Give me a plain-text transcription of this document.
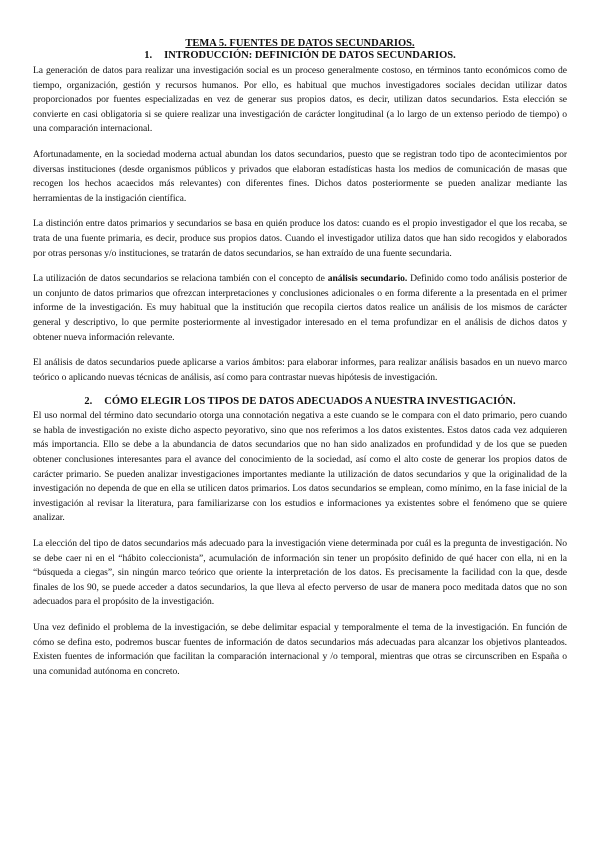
TEMA 5. FUENTES DE DATOS SECUNDARIOS.
1. INTRODUCCIÓN: DEFINICIÓN DE DATOS SECUNDARIOS.

La generación de datos para realizar una investigación social es un proceso generalmente costoso, en términos tanto económicos como de tiempo, organización, gestión y recursos humanos. Por ello, es habitual que muchos investigadores sociales decidan utilizar datos proporcionados por fuentes especializadas en vez de generar sus propios datos, es decir, utilizan datos secundarios. Esta elección se convierte en casi obligatoria si se quiere realizar una investigación de carácter longitudinal (a lo largo de un extenso periodo de tiempo) o una comparación internacional.

Afortunadamente, en la sociedad moderna actual abundan los datos secundarios, puesto que se registran todo tipo de acontecimientos por diversas instituciones (desde organismos públicos y privados que elaboran estadísticas hasta los medios de comunicación de masas que recogen los hechos acaecidos más relevantes) con diferentes fines. Dichos datos posteriormente se pueden analizar mediante las herramientas de la instigación científica.

La distinción entre datos primarios y secundarios se basa en quién produce los datos: cuando es el propio investigador el que los recaba, se trata de una fuente primaria, es decir, produce sus propios datos. Cuando el investigador utiliza datos que han sido recogidos y elaborados por otras personas y/o instituciones, se tratarán de datos secundarios, se han extraído de una fuente secundaria.

La utilización de datos secundarios se relaciona también con el concepto de análisis secundario. Definido como todo análisis posterior de un conjunto de datos primarios que ofrezcan interpretaciones y conclusiones adicionales o en forma diferente a la presentada en el primer informe de la investigación. Es muy habitual que la institución que recopila ciertos datos realice un análisis de los mismos de carácter general y descriptivo, lo que permite posteriormente al investigador interesado en el tema profundizar en el análisis de dichos datos y obtener nueva información relevante.

El análisis de datos secundarios puede aplicarse a varios ámbitos: para elaborar informes, para realizar análisis basados en un nuevo marco teórico o aplicando nuevas técnicas de análisis, así como para contrastar nuevas hipótesis de investigación.

2. CÓMO ELEGIR LOS TIPOS DE DATOS ADECUADOS A NUESTRA INVESTIGACIÓN.

El uso normal del término dato secundario otorga una connotación negativa a este cuando se le compara con el dato primario, pero cuando se habla de investigación no existe dicho aspecto peyorativo, sino que nos referimos a los datos existentes. Estos datos cada vez adquieren más importancia. Ello se debe a la abundancia de datos secundarios que no han sido analizados en profundidad y de los que se pueden obtener conclusiones interesantes para el avance del conocimiento de la sociedad, así como el alto coste de generar los propios datos de carácter primario. Se pueden analizar investigaciones importantes mediante la utilización de datos secundarios y que la originalidad de la investigación no dependa de que en ella se utilicen datos primarios. Los datos secundarios se emplean, como mínimo, en la fase inicial de la investigación al revisar la literatura, para familiarizarse con los estudios e informaciones ya existentes sobre el fenómeno que se quiere analizar.

La elección del tipo de datos secundarios más adecuado para la investigación viene determinada por cuál es la pregunta de investigación. No se debe caer ni en el “hábito coleccionista”, acumulación de información sin tener un propósito definido de qué hacer con ella, ni en la “búsqueda a ciegas”, sin ningún marco teórico que oriente la interpretación de los datos. Es precisamente la facilidad con la que, desde finales de los 90, se puede acceder a datos secundarios, la que lleva al efecto perverso de usar de manera poco meditada datos que no son adecuados para el propósito de la investigación.

Una vez definido el problema de la investigación, se debe delimitar espacial y temporalmente el tema de la investigación. En función de cómo se defina esto, podremos buscar fuentes de información de datos secundarios más adecuadas para alcanzar los objetivos planteados. Existen fuentes de información que facilitan la comparación internacional y /o temporal, mientras que otras se circunscriben en España o una comunidad autónoma en concreto.
